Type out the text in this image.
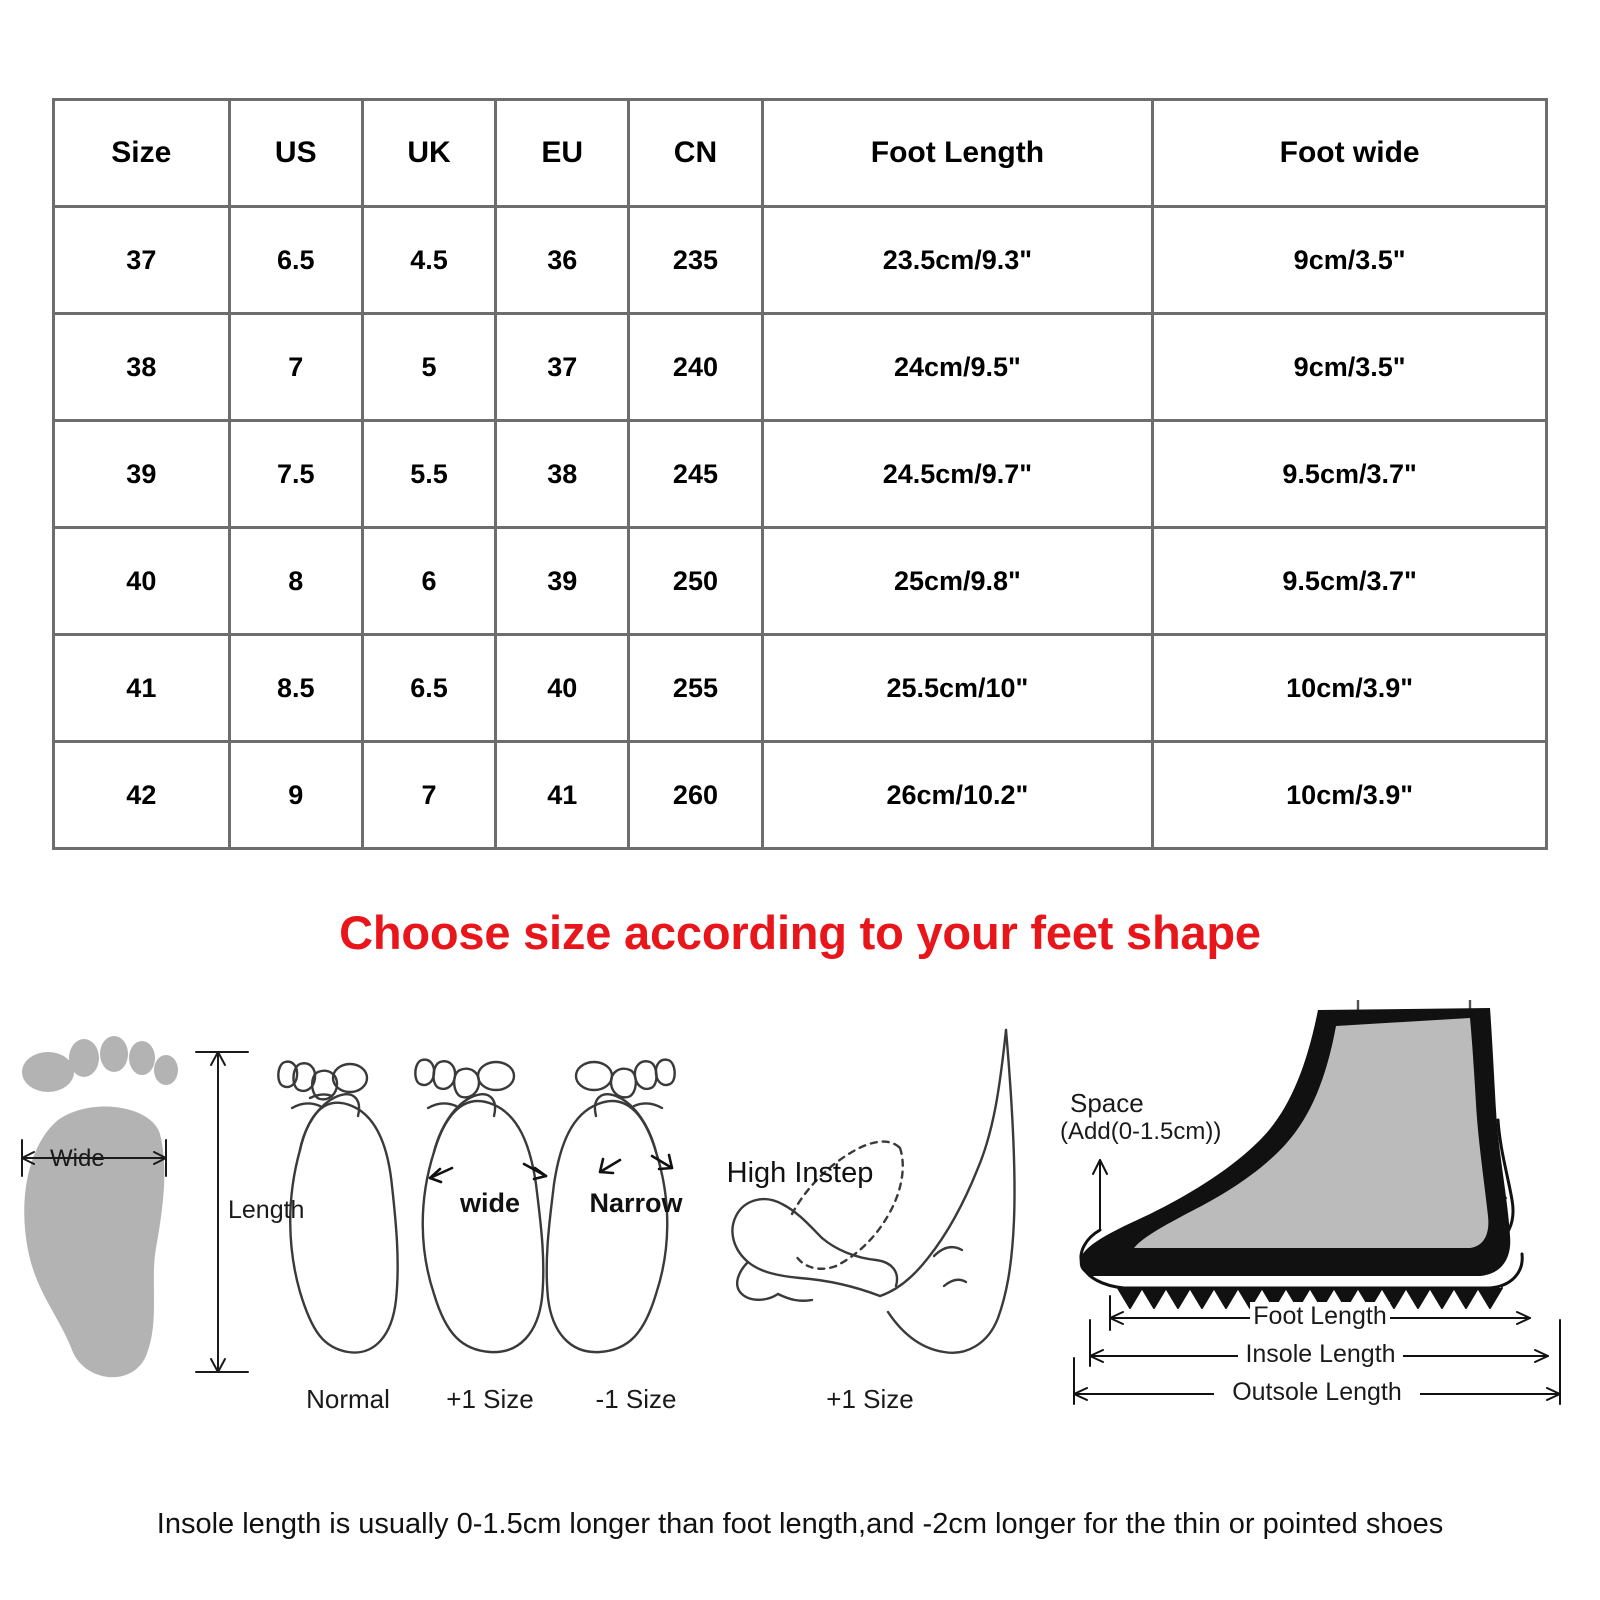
Size	US	UK	EU	CN	Foot Length	Foot wide
37	6.5	4.5	36	235	23.5cm/9.3"	9cm/3.5"
38	7	5	37	240	24cm/9.5"	9cm/3.5"
39	7.5	5.5	38	245	24.5cm/9.7"	9.5cm/3.7"
40	8	6	39	250	25cm/9.8"	9.5cm/3.7"
41	8.5	6.5	40	255	25.5cm/10"	10cm/3.9"
42	9	7	41	260	26cm/10.2"	10cm/3.9"
Choose size according to your feet shape
Normal
wide
+1 Size
Narrow
-1 Size
High Instep
+1 Size
Wide
Length
Space
(Add(0-1.5cm))
Foot Length
Insole Length
Outsole Length
Insole length is usually 0-1.5cm longer than foot length,and -2cm longer for the thin or pointed shoes
